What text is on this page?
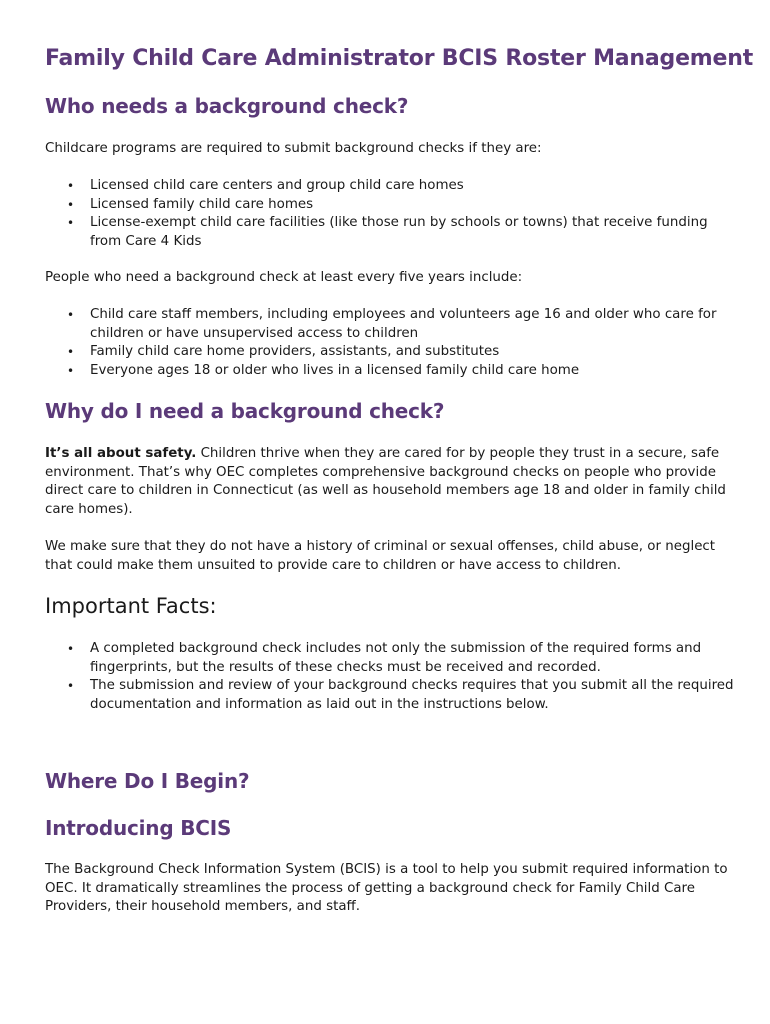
Family Child Care Administrator BCIS Roster Management
Who needs a background check?

Childcare programs are required to submit background checks if they are:

• Licensed child care centers and group child care homes
• Licensed family child care homes
• License-exempt child care facilities (like those run by schools or towns) that receive funding from Care 4 Kids

People who need a background check at least every five years include:

• Child care staff members, including employees and volunteers age 16 and older who care for children or have unsupervised access to children
• Family child care home providers, assistants, and substitutes
• Everyone ages 18 or older who lives in a licensed family child care home
Why do I need a background check?

It’s all about safety. Children thrive when they are cared for by people they trust in a secure, safe environment. That’s why OEC completes comprehensive background checks on people who provide direct care to children in Connecticut (as well as household members age 18 and older in family child care homes).

We make sure that they do not have a history of criminal or sexual offenses, child abuse, or neglect that could make them unsuited to provide care to children or have access to children.

Important Facts:
• A completed background check includes not only the submission of the required forms and fingerprints, but the results of these checks must be received and recorded.
• The submission and review of your background checks requires that you submit all the required documentation and information as laid out in the instructions below.
Where Do I Begin?
Introducing BCIS

The Background Check Information System (BCIS) is a tool to help you submit required information to OEC. It dramatically streamlines the process of getting a background check for Family Child Care Providers, their household members, and staff.
